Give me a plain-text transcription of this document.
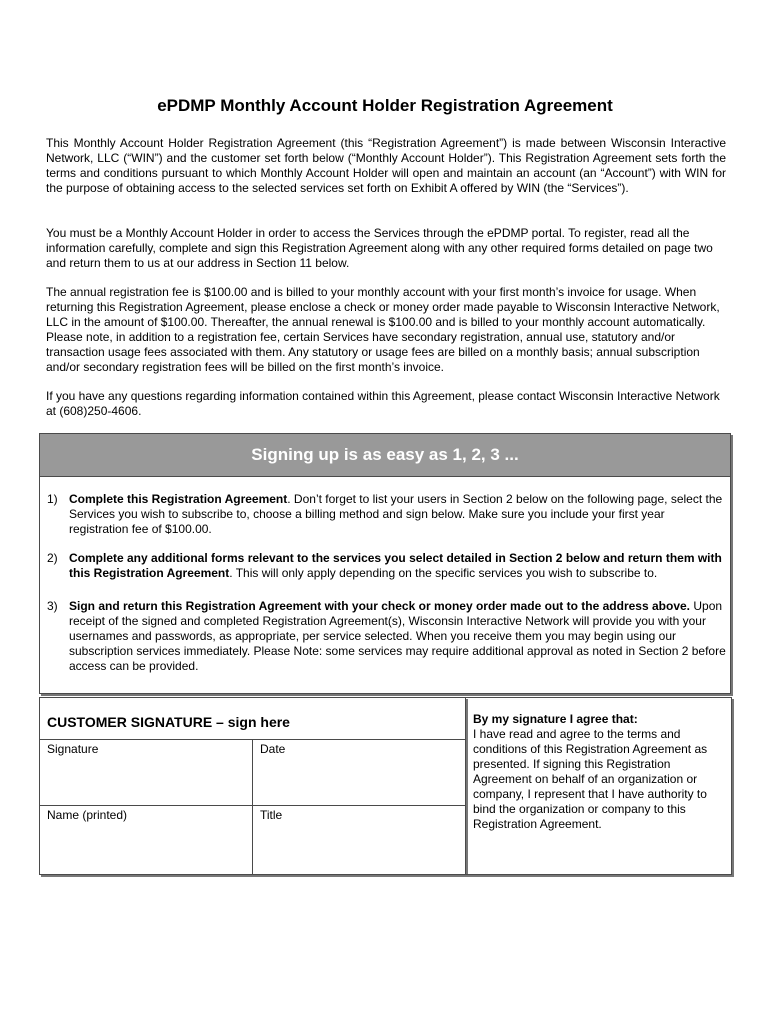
ePDMP Monthly Account Holder Registration Agreement

This Monthly Account Holder Registration Agreement (this “Registration Agreement”) is made between Wisconsin Interactive Network, LLC (“WIN”) and the customer set forth below (“Monthly Account Holder”). This Registration Agreement sets forth the terms and conditions pursuant to which Monthly Account Holder will open and maintain an account (an “Account”) with WIN for the purpose of obtaining access to the selected services set forth on Exhibit A offered by WIN (the “Services”).

You must be a Monthly Account Holder in order to access the Services through the ePDMP portal. To register, read all the information carefully, complete and sign this Registration Agreement along with any other required forms detailed on page two and return them to us at our address in Section 11 below.

The annual registration fee is $100.00 and is billed to your monthly account with your first month’s invoice for usage. When returning this Registration Agreement, please enclose a check or money order made payable to Wisconsin Interactive Network, LLC in the amount of $100.00. Thereafter, the annual renewal is $100.00 and is billed to your monthly account automatically. Please note, in addition to a registration fee, certain Services have secondary registration, annual use, statutory and/or transaction usage fees associated with them. Any statutory or usage fees are billed on a monthly basis; annual subscription and/or secondary registration fees will be billed on the first month’s invoice.

If you have any questions regarding information contained within this Agreement, please contact Wisconsin Interactive Network at (608)250-4606.

Signing up is as easy as 1, 2, 3 ...
1) Complete this Registration Agreement. Don’t forget to list your users in Section 2 below on the following page, select the Services you wish to subscribe to, choose a billing method and sign below. Make sure you include your first year registration fee of $100.00.
2) Complete any additional forms relevant to the services you select detailed in Section 2 below and return them with this Registration Agreement. This will only apply depending on the specific services you wish to subscribe to.
3) Sign and return this Registration Agreement with your check or money order made out to the address above. Upon receipt of the signed and completed Registration Agreement(s), Wisconsin Interactive Network will provide you with your usernames and passwords, as appropriate, per service selected. When you receive them you may begin using our subscription services immediately. Please Note: some services may require additional approval as noted in Section 2 before access can be provided.
CUSTOMER SIGNATURE – sign here
Signature	Date
Name (printed)	Title
By my signature I agree that:
I have read and agree to the terms and conditions of this Registration Agreement as presented. If signing this Registration Agreement on behalf of an organization or company, I represent that I have authority to bind the organization or company to this Registration Agreement.
